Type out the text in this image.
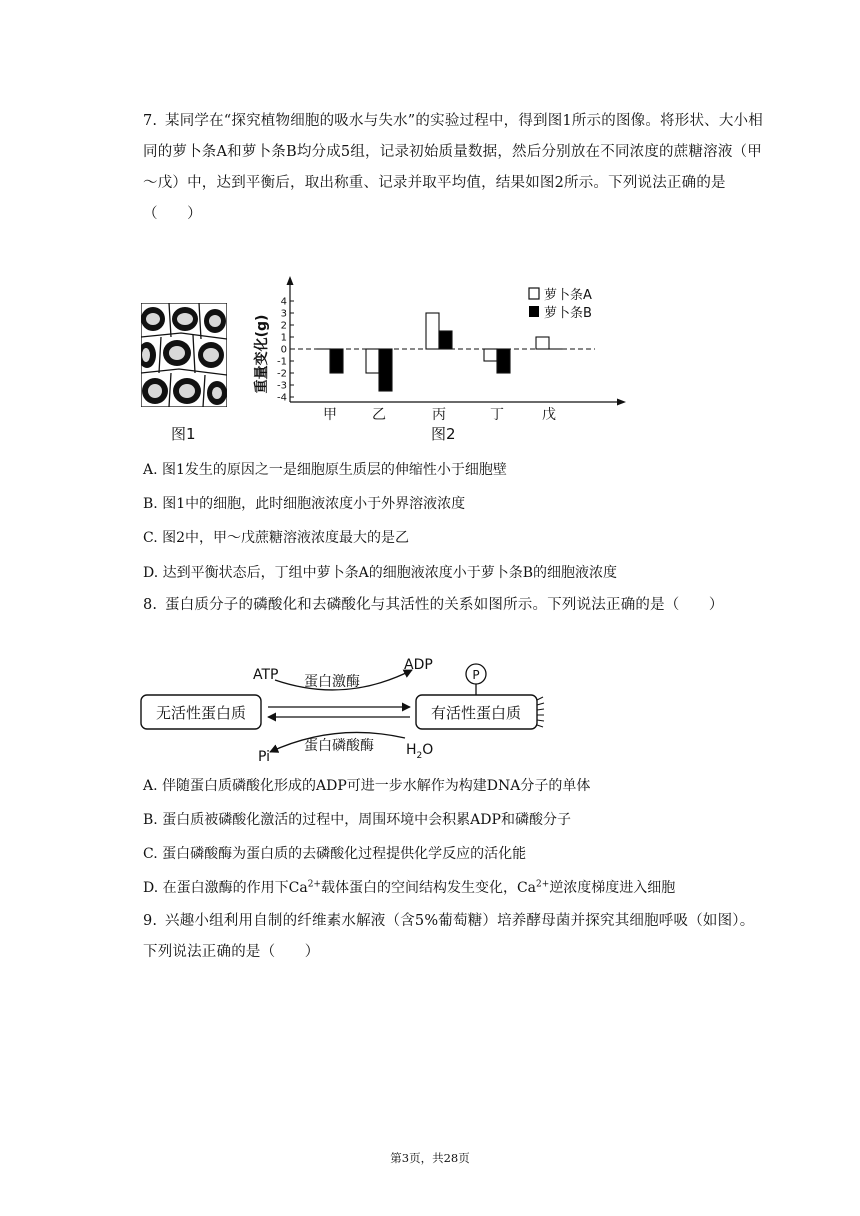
7. 某同学在“探究植物细胞的吸水与失水”的实验过程中，得到图1所示的图像。将形状、大小相同的萝卜条A和萝卜条B均分成5组，记录初始质量数据，然后分别放在不同浓度的蔗糖溶液（甲～戊）中，达到平衡后，取出称重、记录并取平均值，结果如图2所示。下列说法正确的是（　　）
图1
重量变化(g)
4
3
2
1
0
-1
-2
-3
-4
甲	乙	丙	丁	戊
萝卜条A
萝卜条B
图2
A. 图1发生的原因之一是细胞原生质层的伸缩性小于细胞壁
B. 图1中的细胞，此时细胞液浓度小于外界溶液浓度
C. 图2中，甲～戊蔗糖溶液浓度最大的是乙
D. 达到平衡状态后，丁组中萝卜条A的细胞液浓度小于萝卜条B的细胞液浓度
8. 蛋白质分子的磷酸化和去磷酸化与其活性的关系如图所示。下列说法正确的是（　　）
无活性蛋白质	有活性蛋白质
ATP
ADP
蛋白激酶
Pi
蛋白磷酸酶 $H_2O$
P
A. 伴随蛋白质磷酸化形成的ADP可进一步水解作为构建DNA分子的单体
B. 蛋白质被磷酸化激活的过程中，周围环境中会积累ADP和磷酸分子
C. 蛋白磷酸酶为蛋白质的去磷酸化过程提供化学反应的活化能
D. 在蛋白激酶的作用下$Ca^{2+}$载体蛋白的空间结构发生变化，$Ca^{2+}$逆浓度梯度进入细胞
9. 兴趣小组利用自制的纤维素水解液（含5%葡萄糖）培养酵母菌并探究其细胞呼吸（如图）。下列说法正确的是（　　）
第3页，共28页
